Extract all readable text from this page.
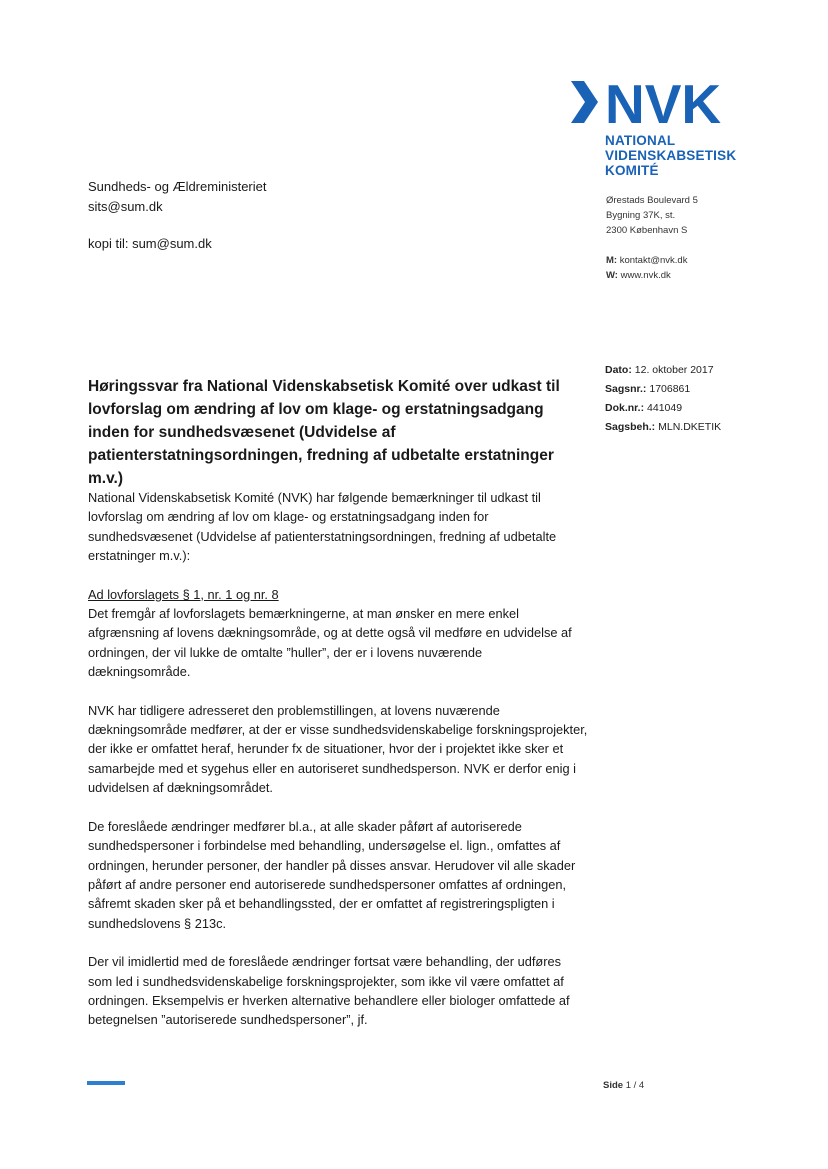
NVK

NATIONAL

VIDENSKABSETISK

KOMITÉ

Ørestads Boulevard 5
Bygning 37K, st.
2300 København S
M: kontakt@nvk.dk
W: www.nvk.dk
Dato: 12. oktober 2017
Sagsnr.: 1706861
Dok.nr.: 441049
Sagsbeh.: MLN.DKETIK
Sundheds- og Ældreministeriet
sits@sum.dk
kopi til: sum@sum.dk
Høringssvar fra National Videnskabsetisk Komité over udkast til lovforslag om ændring af lov om klage- og erstatningsadgang inden for sundhedsvæsenet (Udvidelse af patienterstatningsordningen, fredning af udbetalte erstatninger m.v.)

National Videnskabsetisk Komité (NVK) har følgende bemærkninger til udkast til lovforslag om ændring af lov om klage- og erstatningsadgang inden for sundhedsvæsenet (Udvidelse af patienterstatningsordningen, fredning af udbetalte erstatninger m.v.):

Ad lovforslagets § 1, nr. 1 og nr. 8

Det fremgår af lovforslagets bemærkningerne, at man ønsker en mere enkel afgrænsning af lovens dækningsområde, og at dette også vil medføre en udvidelse af ordningen, der vil lukke de omtalte ”huller”, der er i lovens nuværende dækningsområde.

NVK har tidligere adresseret den problemstillingen, at lovens nuværende dækningsområde medfører, at der er visse sundhedsvidenskabelige forskningsprojekter, der ikke er omfattet heraf, herunder fx de situationer, hvor der i projektet ikke sker et samarbejde med et sygehus eller en autoriseret sundhedsperson. NVK er derfor enig i udvidelsen af dækningsområdet.

De foreslåede ændringer medfører bl.a., at alle skader påført af autoriserede sundhedspersoner i forbindelse med behandling, undersøgelse el. lign., omfattes af ordningen, herunder personer, der handler på disses ansvar. Herudover vil alle skader påført af andre personer end autoriserede sundhedspersoner omfattes af ordningen, såfremt skaden sker på et behandlingssted, der er omfattet af registreringspligten i sundhedslovens § 213c.

Der vil imidlertid med de foreslåede ændringer fortsat være behandling, der udføres som led i sundhedsvidenskabelige forskningsprojekter, som ikke vil være omfattet af ordningen. Eksempelvis er hverken alternative behandlere eller biologer omfattede af betegnelsen ”autoriserede sundhedspersoner”, jf.

Side 1 / 4
